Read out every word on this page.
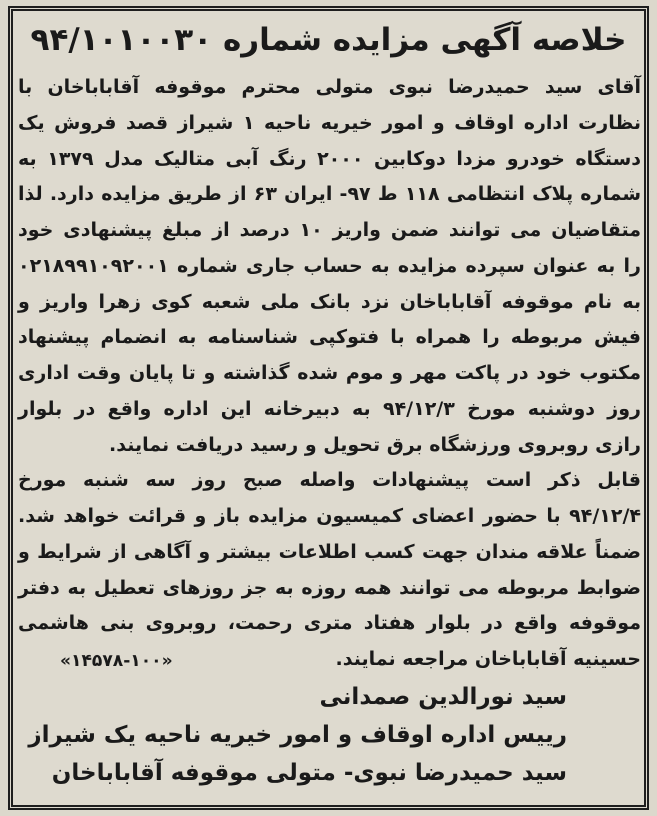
خلاصه آگهی مزایده شماره ۹۴/۱۰۱۰۰۳۰
آقای سید حمیدرضا نبوی متولی محترم موقوفه آقاباباخان با
نظارت اداره اوقاف و امور خیریه ناحیه ۱ شیراز قصد فروش یک
دستگاه خودرو مزدا دوکابین ۲۰۰۰ رنگ آبی متالیک مدل ۱۳۷۹ به
شماره پلاک انتظامی ۱۱۸ ط ۹۷- ایران ۶۳ از طریق مزایده دارد. لذا
متقاضیان می توانند ضمن واریز ۱۰ درصد از مبلغ پیشنهادی خود
را به عنوان سپرده مزایده به حساب جاری شماره ۰۲۱۸۹۹۱۰۹۲۰۰۱
به نام موقوفه آقاباباخان نزد بانک ملی شعبه کوی زهرا واریز و
فیش مربوطه را همراه با فتوکپی شناسنامه به انضمام پیشنهاد
مکتوب خود در پاکت مهر و موم شده گذاشته و تا پایان وقت اداری
روز دوشنبه مورخ ۹۴/۱۲/۳ به دبیرخانه این اداره واقع در بلوار
رازی روبروی ورزشگاه برق تحویل و رسید دریافت نمایند.
قابل ذکر است پیشنهادات واصله صبح روز سه شنبه مورخ
۹۴/۱۲/۴ با حضور اعضای کمیسیون مزایده باز و قرائت خواهد شد.
ضمناً علاقه مندان جهت کسب اطلاعات بیشتر و آگاهی از شرایط و
ضوابط مربوطه می توانند همه روزه به جز روزهای تعطیل به دفتر
موقوفه واقع در بلوار هفتاد متری رحمت، روبروی بنی هاشمی
حسینیه آقاباباخان مراجعه نمایند.
«۱۴۵۷۸-۱۰۰»
سید نورالدین صمدانی
رییس اداره اوقاف و امور خیریه ناحیه یک شیراز
سید حمیدرضا نبوی- متولی موقوفه آقاباباخان
